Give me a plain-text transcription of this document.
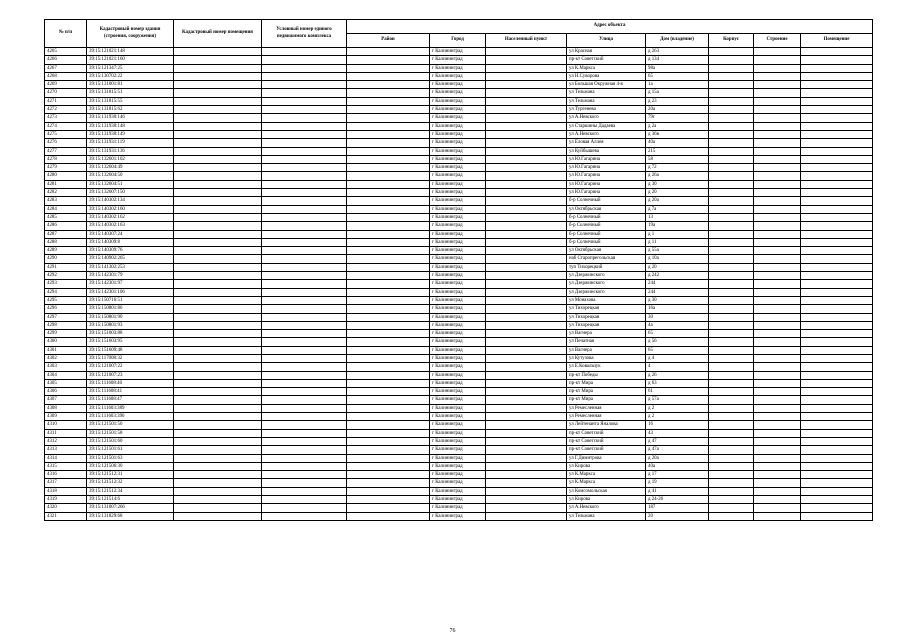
№ п/п	Кадастровый номер здания (строения, сооружения)	Кадастровый номер помещения	Условный номер единого недвижимого комплекса	Адрес объекта							
				Район	Город	Населенный пункт	Улица	Дом (владение)	Корпус	Строение	Помещение
4265	39:15:121021:148				г Калининград		ул Красная	д 263			
4266	39:15:121021:160				г Калининград		пр-кт Советский	д 134			
4267	39:15:121347:25				г Калининград		ул К.Маркса	98а			
4268	39:15:130702:22				г Калининград		ул Н.Суворова	65			
4269	39:15:131001:81				г Калининград		ул Большая Окружная 4-я	1а			
4270	39:15:131815:51				г Калининград		ул Тельмана	д 15а			
4271	39:15:131815:55				г Калининград		ул Тельмана	д 23			
4272	39:15:131815:62				г Калининград		ул Тургенева	20а			
4273	39:15:131930:146				г Калининград		ул А.Невского	79г			
4274	39:15:131930:148				г Калининград		ул Старшины Дадаева	д 2а			
4275	39:15:131930:149				г Калининград		ул А.Невского	д 36в			
4276	39:15:131931:119				г Калининград		ул Еловая Аллея	40а			
4277	39:15:131931:136				г Калининград		ул Куйбышева	215			
4278	39:15:132601:102				г Калининград		ул Ю.Гагарина	58			
4279	39:15:132604:49				г Калининград		ул Ю.Гагарина	д 72			
4280	39:15:132604:50				г Калининград		ул Ю.Гагарина	д 26а			
4281	39:15:132604:51				г Калининград		ул Ю.Гагарина	д 30			
4282	39:15:132607:150				г Калининград		ул Ю.Гагарина	д 20			
4283	39:15:140302:134				г Калининград		б-р Солнечный	д 20а			
4284	39:15:140302:160				г Калининград		ул Октябрьская	д 7а			
4285	39:15:140302:162				г Калининград		б-р Солнечный	13			
4286	39:15:140302:163				г Калининград		б-р Солнечный	19а			
4287	39:15:140307:24				г Калининград		б-р Солнечный	д 1			
4288	39:15:140309:8				г Калининград		б-р Солнечный	д 11			
4289	39:15:140309:76				г Калининград		ул Октябрьская	д 55а			
4290	39:15:140902:265				г Калининград		наб Старопрегольская	д 10а			
4291	39:15:141302:253				г Калининград		туп Тихорецкий	д 20			
4292	39:15:142301:79				г Калининград		ул Дзержинского	д 242			
4293	39:15:142301:97				г Калининград		ул Дзержинского	244			
4294	39:15:142301:106				г Калининград		ул Дзержинского	244			
4295	39:15:150716:51				г Калининград		ул Монахова	д 30			
4296	39:15:150801:86				г Калининград		ул Тихорецкая	16а			
4297	39:15:150801:90				г Калининград		ул Тихорецкая	30			
4298	39:15:150801:93				г Калининград		ул Тихорецкая	4а			
4299	39:15:151003:88				г Калининград		ул Вагнера	65			
4300	39:15:151603:95				г Калининград		ул Печатная	д 56			
4301	39:15:151609:48				г Калининград		ул Вагнера	65			
4302	39:15:117008:32				г Калининград		ул Кутузова	д 4			
4303	39:15:121007:22				г Калининград		ул Е.Ковальчук	4			
4304	39:15:121007:23				г Калининград		пр-кт Победы	д 26			
4305	39:15:111608:40				г Калининград		пр-кт Мира	д 63			
4306	39:15:111608:41				г Калининград		пр-кт Мира	61			
4307	39:15:111608:47				г Калининград		пр-кт Мира	д 57а			
4308	39:15:111603:389				г Калининград		ул Ремесленная	д 2			
4309	39:15:111603:390				г Калининград		ул Ремесленная	д 2			
4310	39:15:121501:50				г Калининград		ул Лейтенанта Яналова	16			
4311	39:15:121501:58				г Калининград		пр-кт Советский	43			
4312	39:15:121501:60				г Калининград		пр-кт Советский	д 47			
4313	39:15:121501:61				г Калининград		пр-кт Советский	д 47а			
4314	39:15:121501:63				г Калининград		ул Г.Димитрова	д 20а			
4315	39:15:121506:30				г Калининград		ул Кирова	40а			
4316	39:15:121512:31				г Калининград		ул К.Маркса	д 17			
4317	39:15:121512:32				г Калининград		ул К.Маркса	д 19			
4318	39:15:121512:34				г Калининград		ул Комсомольская	д 41			
4319	39:15:121514:6				г Калининград		ул Кирова	д 24-26			
4320	39:15:131007:266				г Калининград		ул А.Невского	187			
4321	39:15:131829:68				г Калининград		ул Тельмана	20			
76
